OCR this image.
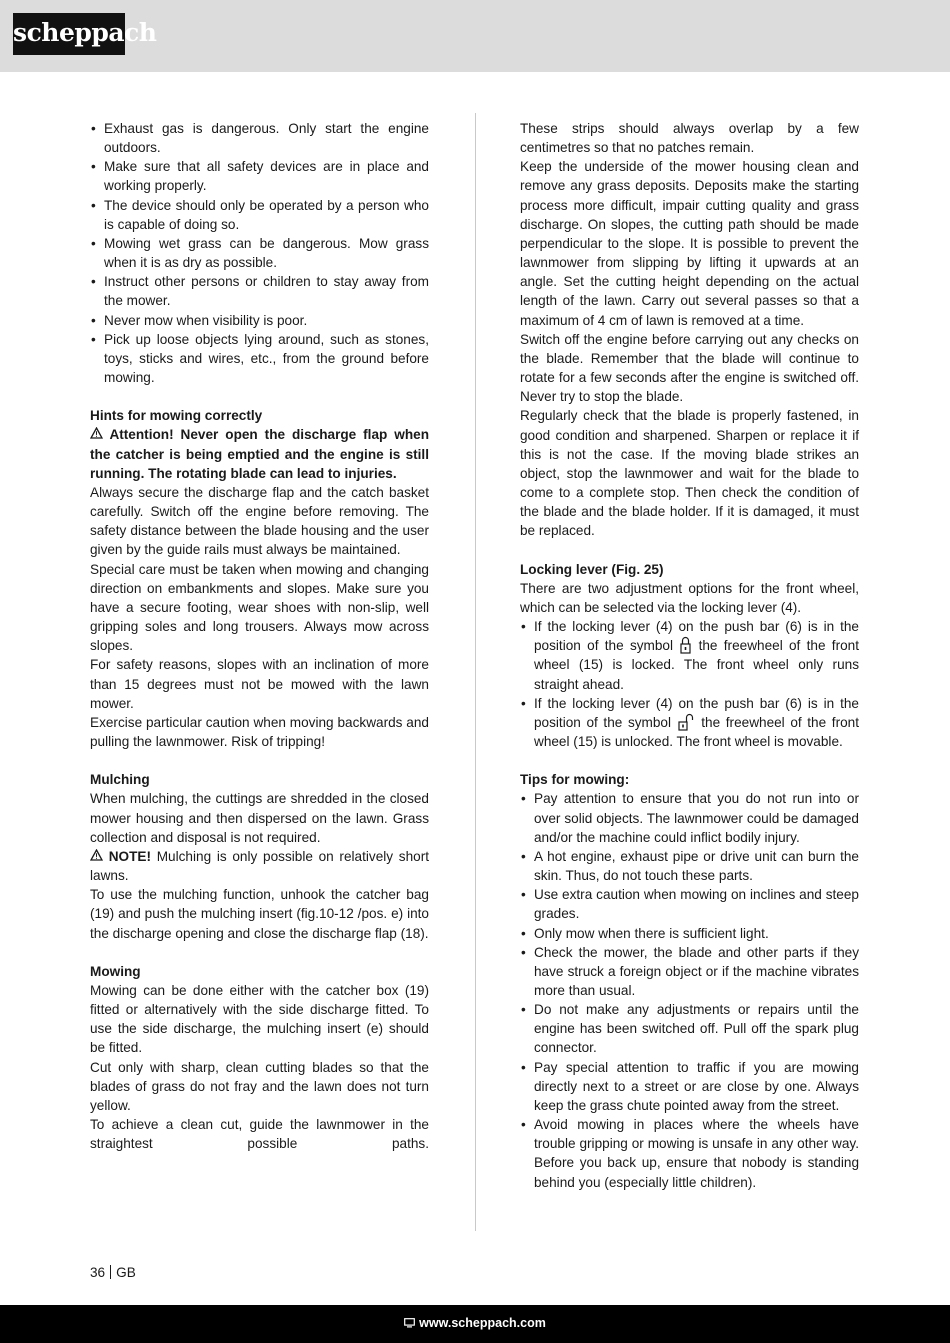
scheppach
• Exhaust gas is dangerous. Only start the engine outdoors.
• Make sure that all safety devices are in place and working properly.
• The device should only be operated by a person who is capable of doing so.
• Mowing wet grass can be dangerous. Mow grass when it is as dry as possible.
• Instruct other persons or children to stay away from the mower.
• Never mow when visibility is poor.
• Pick up loose objects lying around, such as stones, toys, sticks and wires, etc., from the ground before mowing.

Hints for mowing correctly

Attention! Never open the discharge flap when the catcher is being emptied and the engine is still running. The rotating blade can lead to injuries.

Always secure the discharge flap and the catch basket carefully. Switch off the engine before removing. The safety distance between the blade housing and the user given by the guide rails must always be maintained.

Special care must be taken when mowing and changing direction on embankments and slopes. Make sure you have a secure footing, wear shoes with non-slip, well gripping soles and long trousers. Always mow across slopes.

For safety reasons, slopes with an inclination of more than 15 degrees must not be mowed with the lawn mower.

Exercise particular caution when moving backwards and pulling the lawnmower. Risk of tripping!

Mulching

When mulching, the cuttings are shredded in the closed mower housing and then dispersed on the lawn. Grass collection and disposal is not required.

NOTE! Mulching is only possible on relatively short lawns.

To use the mulching function, unhook the catcher bag (19) and push the mulching insert (fig.10-12 /pos. e) into the discharge opening and close the discharge flap (18).

Mowing

Mowing can be done either with the catcher box (19) fitted or alternatively with the side discharge fitted. To use the side discharge, the mulching insert (e) should be fitted.

Cut only with sharp, clean cutting blades so that the blades of grass do not fray and the lawn does not turn yellow.

To achieve a clean cut, guide the lawnmower in the straightest possible paths.

These strips should always overlap by a few centimetres so that no patches remain.

Keep the underside of the mower housing clean and remove any grass deposits. Deposits make the starting process more difficult, impair cutting quality and grass discharge. On slopes, the cutting path should be made perpendicular to the slope. It is possible to prevent the lawnmower from slipping by lifting it upwards at an angle. Set the cutting height depending on the actual length of the lawn. Carry out several passes so that a maximum of 4 cm of lawn is removed at a time.

Switch off the engine before carrying out any checks on the blade. Remember that the blade will continue to rotate for a few seconds after the engine is switched off. Never try to stop the blade.

Regularly check that the blade is properly fastened, in good condition and sharpened. Sharpen or replace it if this is not the case. If the moving blade strikes an object, stop the lawnmower and wait for the blade to come to a complete stop. Then check the condition of the blade and the blade holder. If it is damaged, it must be replaced.

Locking lever (Fig. 25)

There are two adjustment options for the front wheel, which can be selected via the locking lever (4).

• If the locking lever (4) on the push bar (6) is in the position of the symbol the freewheel of the front wheel (15) is locked. The front wheel only runs straight ahead.
• If the locking lever (4) on the push bar (6) is in the position of the symbol the freewheel of the front wheel (15) is unlocked. The front wheel is movable.

Tips for mowing:

• Pay attention to ensure that you do not run into or over solid objects. The lawnmower could be damaged and/or the machine could inflict bodily injury.
• A hot engine, exhaust pipe or drive unit can burn the skin. Thus, do not touch these parts.
• Use extra caution when mowing on inclines and steep grades.
• Only mow when there is sufficient light.
• Check the mower, the blade and other parts if they have struck a foreign object or if the machine vibrates more than usual.
• Do not make any adjustments or repairs until the engine has been switched off. Pull off the spark plug connector.
• Pay special attention to traffic if you are mowing directly next to a street or are close by one. Always keep the grass chute pointed away from the street.
• Avoid mowing in places where the wheels have trouble gripping or mowing is unsafe in any other way. Before you back up, ensure that nobody is standing behind you (especially little children).
36 GB
www.scheppach.com
